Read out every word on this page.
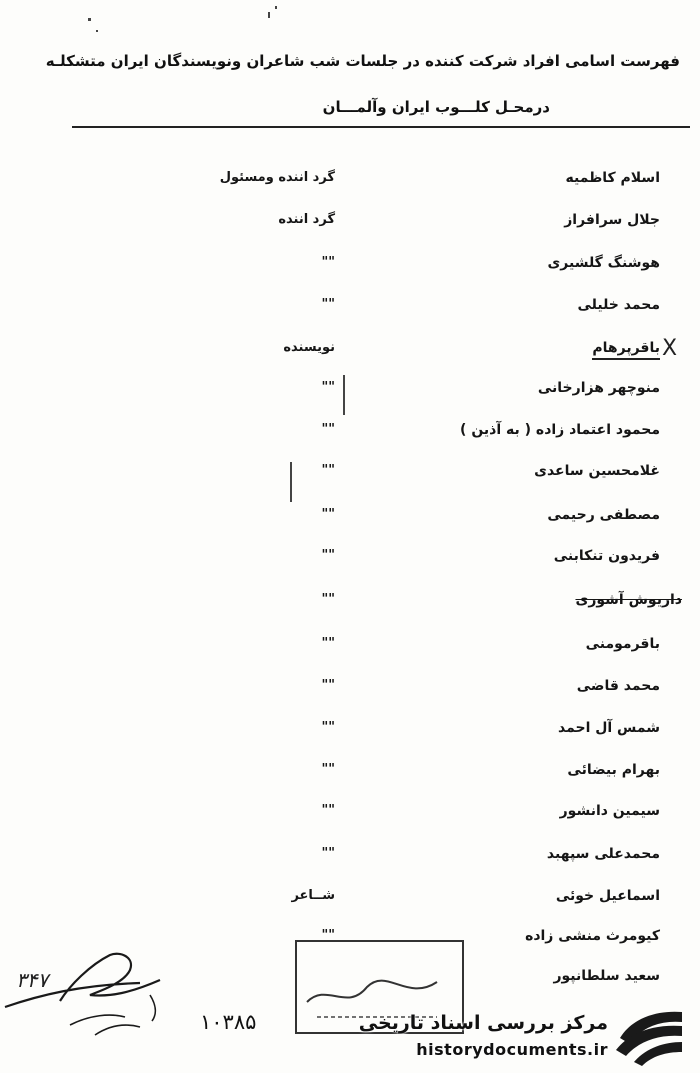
فهرست اسامی افراد شرکت کننده در جلسات شب شاعران ونویسندگان ایران متشکلـه
درمحـل کلـــوب ایران وآلمـــان
اسلام کاظمیه
گرد اننده ومسئول
جلال سرافراز
گرد اننده
هوشنگ گلشیری
""
محمد خلیلی
""
باقرپرهام
نویسنده	X
منوچهر هزارخانی
""
محمود اعتماد زاده ( به آذین )
""
غلامحسین ساعدی
""
مصطفی رحیمی
""
فریدون تنکابنی
""
داریوش آشوری
""
باقرمومنی
""
محمد قاضی
""
شمس آل احمد
""
بهرام بیضائی
""
سیمین دانشور
""
محمدعلی سپهبد
""
اسماعیل خوئی
شــاعر
کیومرث منشی زاده
""
سعید سلطانپور
۳۴۷
۱۰۳۸۵	مرکز بررسی اسناد تاریخی
historydocuments.ir
